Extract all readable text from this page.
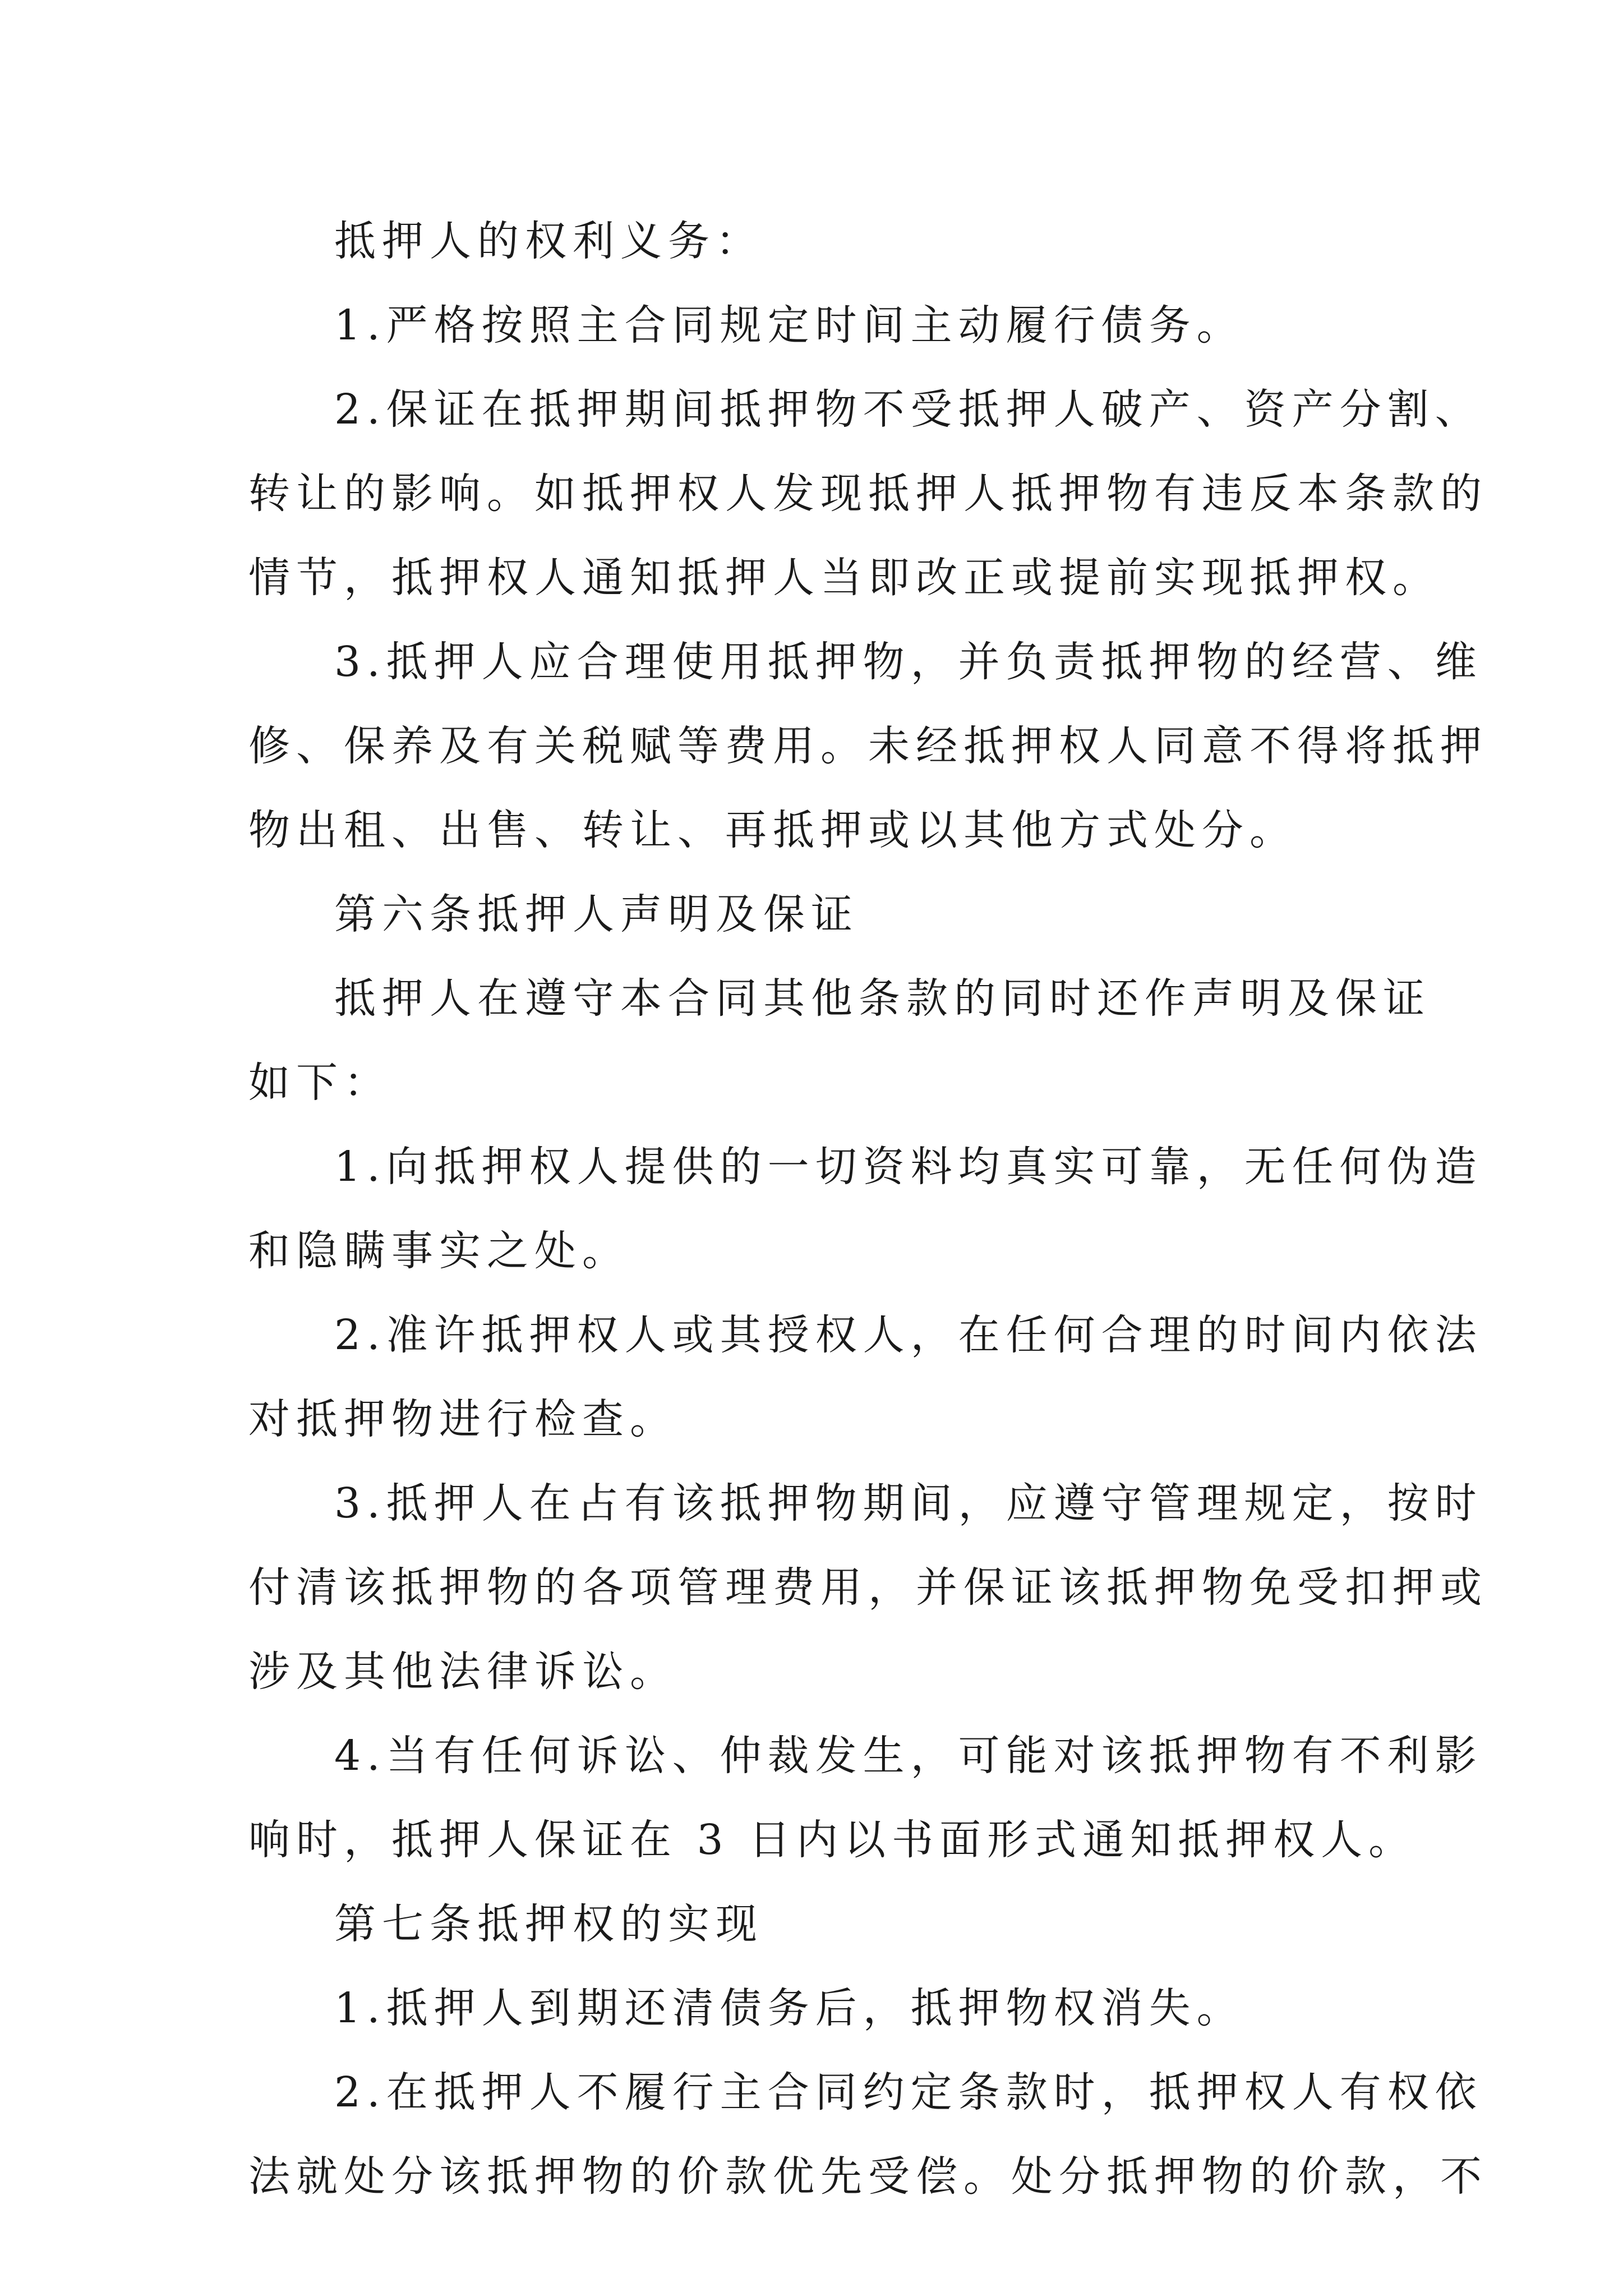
抵押人的权利义务：
1.严格按照主合同规定时间主动履行债务。
2.保证在抵押期间抵押物不受抵押人破产、资产分割、
转让的影响。如抵押权人发现抵押人抵押物有违反本条款的
情节，抵押权人通知抵押人当即改正或提前实现抵押权。
3.抵押人应合理使用抵押物，并负责抵押物的经营、维
修、保养及有关税赋等费用。未经抵押权人同意不得将抵押
物出租、出售、转让、再抵押或以其他方式处分。
第六条抵押人声明及保证
抵押人在遵守本合同其他条款的同时还作声明及保证
如下：
1.向抵押权人提供的一切资料均真实可靠，无任何伪造
和隐瞒事实之处。
2.准许抵押权人或其授权人，在任何合理的时间内依法
对抵押物进行检查。
3.抵押人在占有该抵押物期间，应遵守管理规定，按时
付清该抵押物的各项管理费用，并保证该抵押物免受扣押或
涉及其他法律诉讼。
4.当有任何诉讼、仲裁发生，可能对该抵押物有不利影
响时，抵押人保证在 3 日内以书面形式通知抵押权人。
第七条抵押权的实现
1.抵押人到期还清债务后，抵押物权消失。
2.在抵押人不履行主合同约定条款时，抵押权人有权依
法就处分该抵押物的价款优先受偿。处分抵押物的价款，不
